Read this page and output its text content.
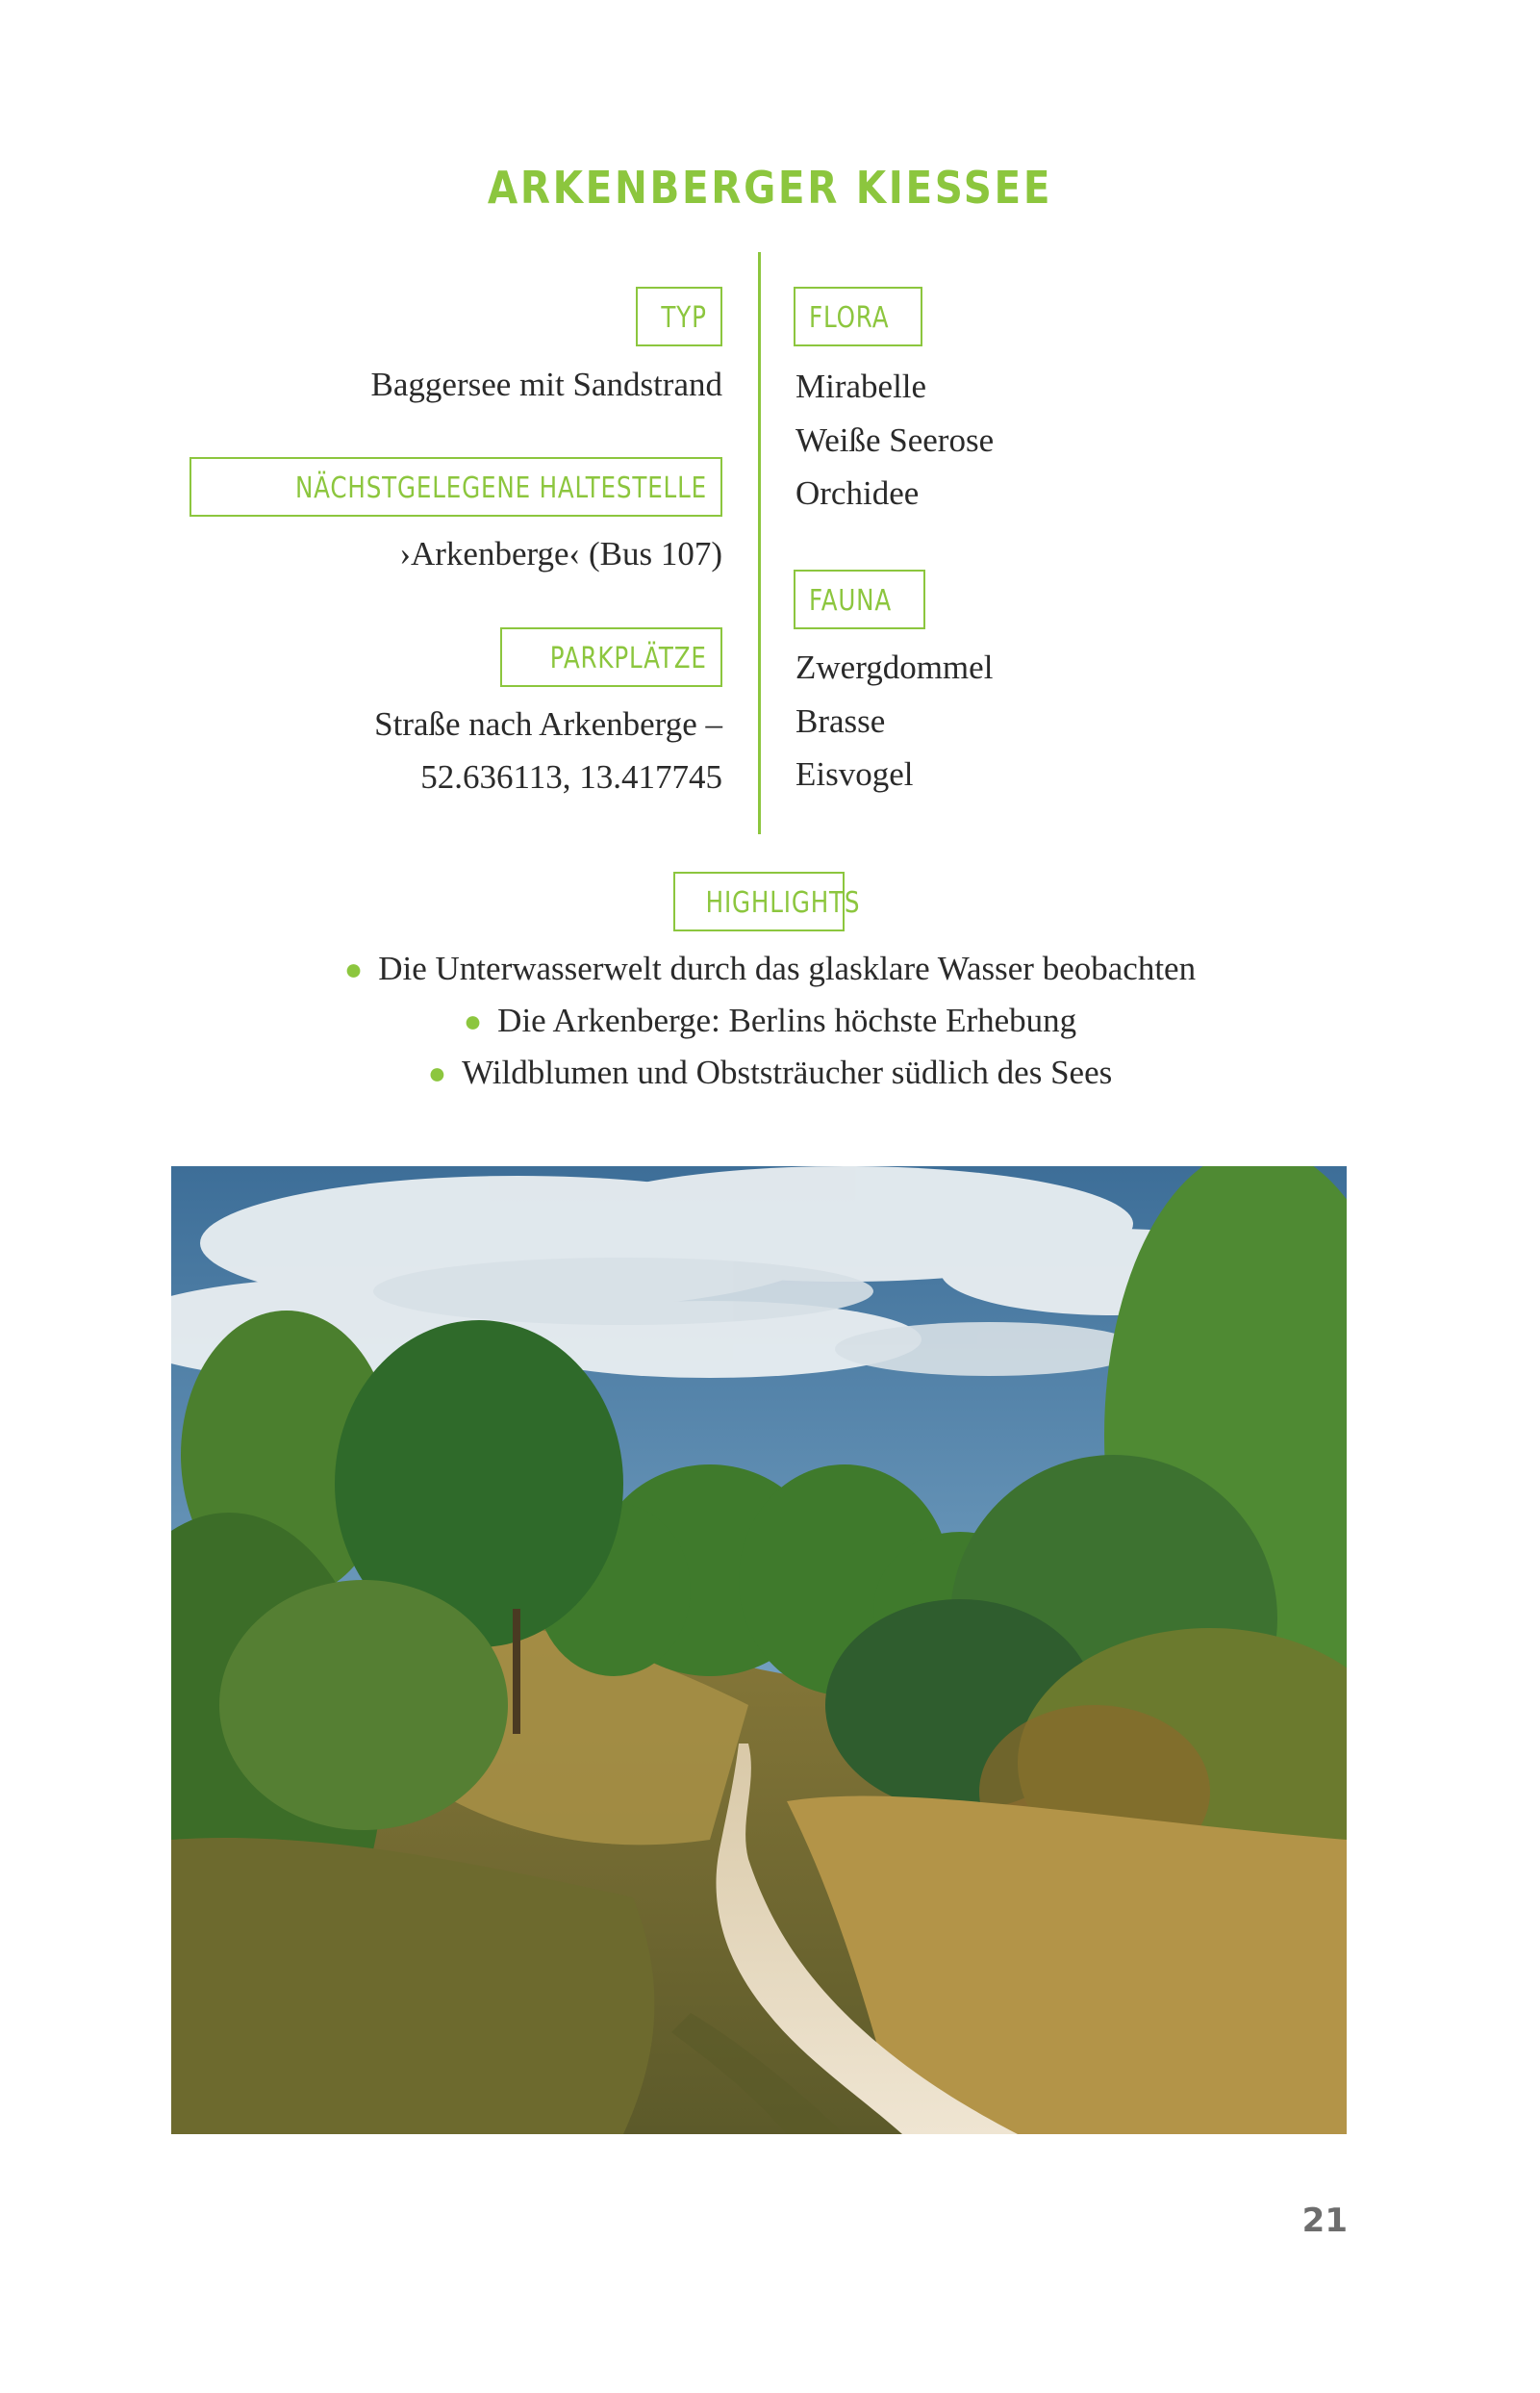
ARKENBERGER KIESSEE
TYP
Baggersee mit Sandstrand
NÄCHSTGELEGENE HALTESTELLE
›Arkenberge‹ (Bus 107)
PARKPLÄTZE
Straße nach Arkenberge –
52.636113, 13.417745
FLORA
Mirabelle
Weiße Seerose
Orchidee
FAUNA
Zwergdommel
Brasse
Eisvogel
HIGHLIGHTS
● Die Unterwasserwelt durch das glasklare Wasser beobachten
● Die Arkenberge: Berlins höchste Erhebung
● Wildblumen und Obststräucher südlich des Sees
21
